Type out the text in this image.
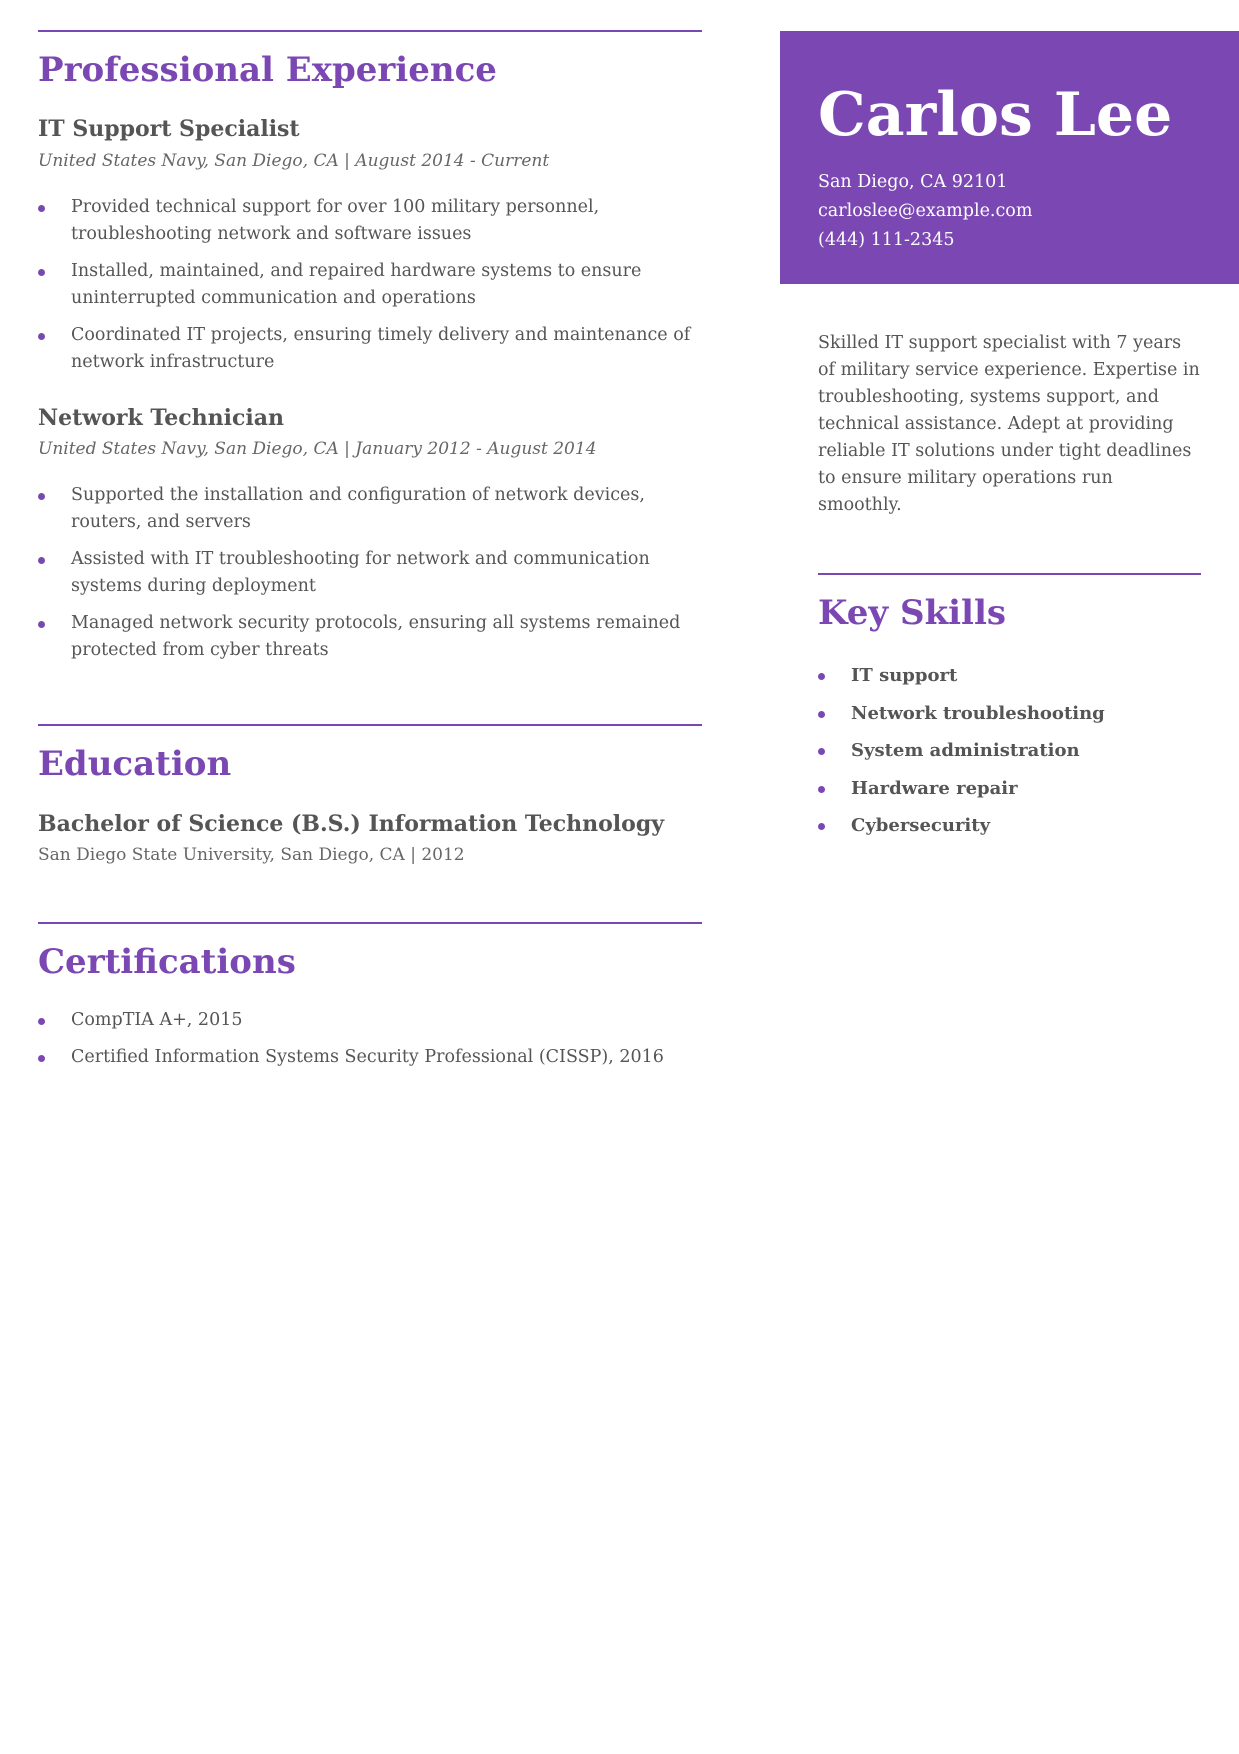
Professional Experience
IT Support Specialist

United States Navy, San Diego, CA | August 2014 - Current

Provided technical support for over 100 military personnel, troubleshooting network and software issues
Installed, maintained, and repaired hardware systems to ensure uninterrupted communication and operations
Coordinated IT projects, ensuring timely delivery and maintenance of network infrastructure
Network Technician

United States Navy, San Diego, CA | January 2012 - August 2014

Supported the installation and configuration of network devices, routers, and servers
Assisted with IT troubleshooting for network and communication systems during deployment
Managed network security protocols, ensuring all systems remained protected from cyber threats
Education
Bachelor of Science (B.S.) Information Technology

San Diego State University, San Diego, CA | 2012

Certifications
CompTIA A+, 2015
Certified Information Systems Security Professional (CISSP), 2016
Carlos Lee
San Diego, CA 92101
carloslee@example.com
(444) 111-2345

Skilled IT support specialist with 7 years of military service experience. Expertise in troubleshooting, systems support, and technical assistance. Adept at providing reliable IT solutions under tight deadlines to ensure military operations run smoothly.

Key Skills
IT support
Network troubleshooting
System administration
Hardware repair
Cybersecurity
